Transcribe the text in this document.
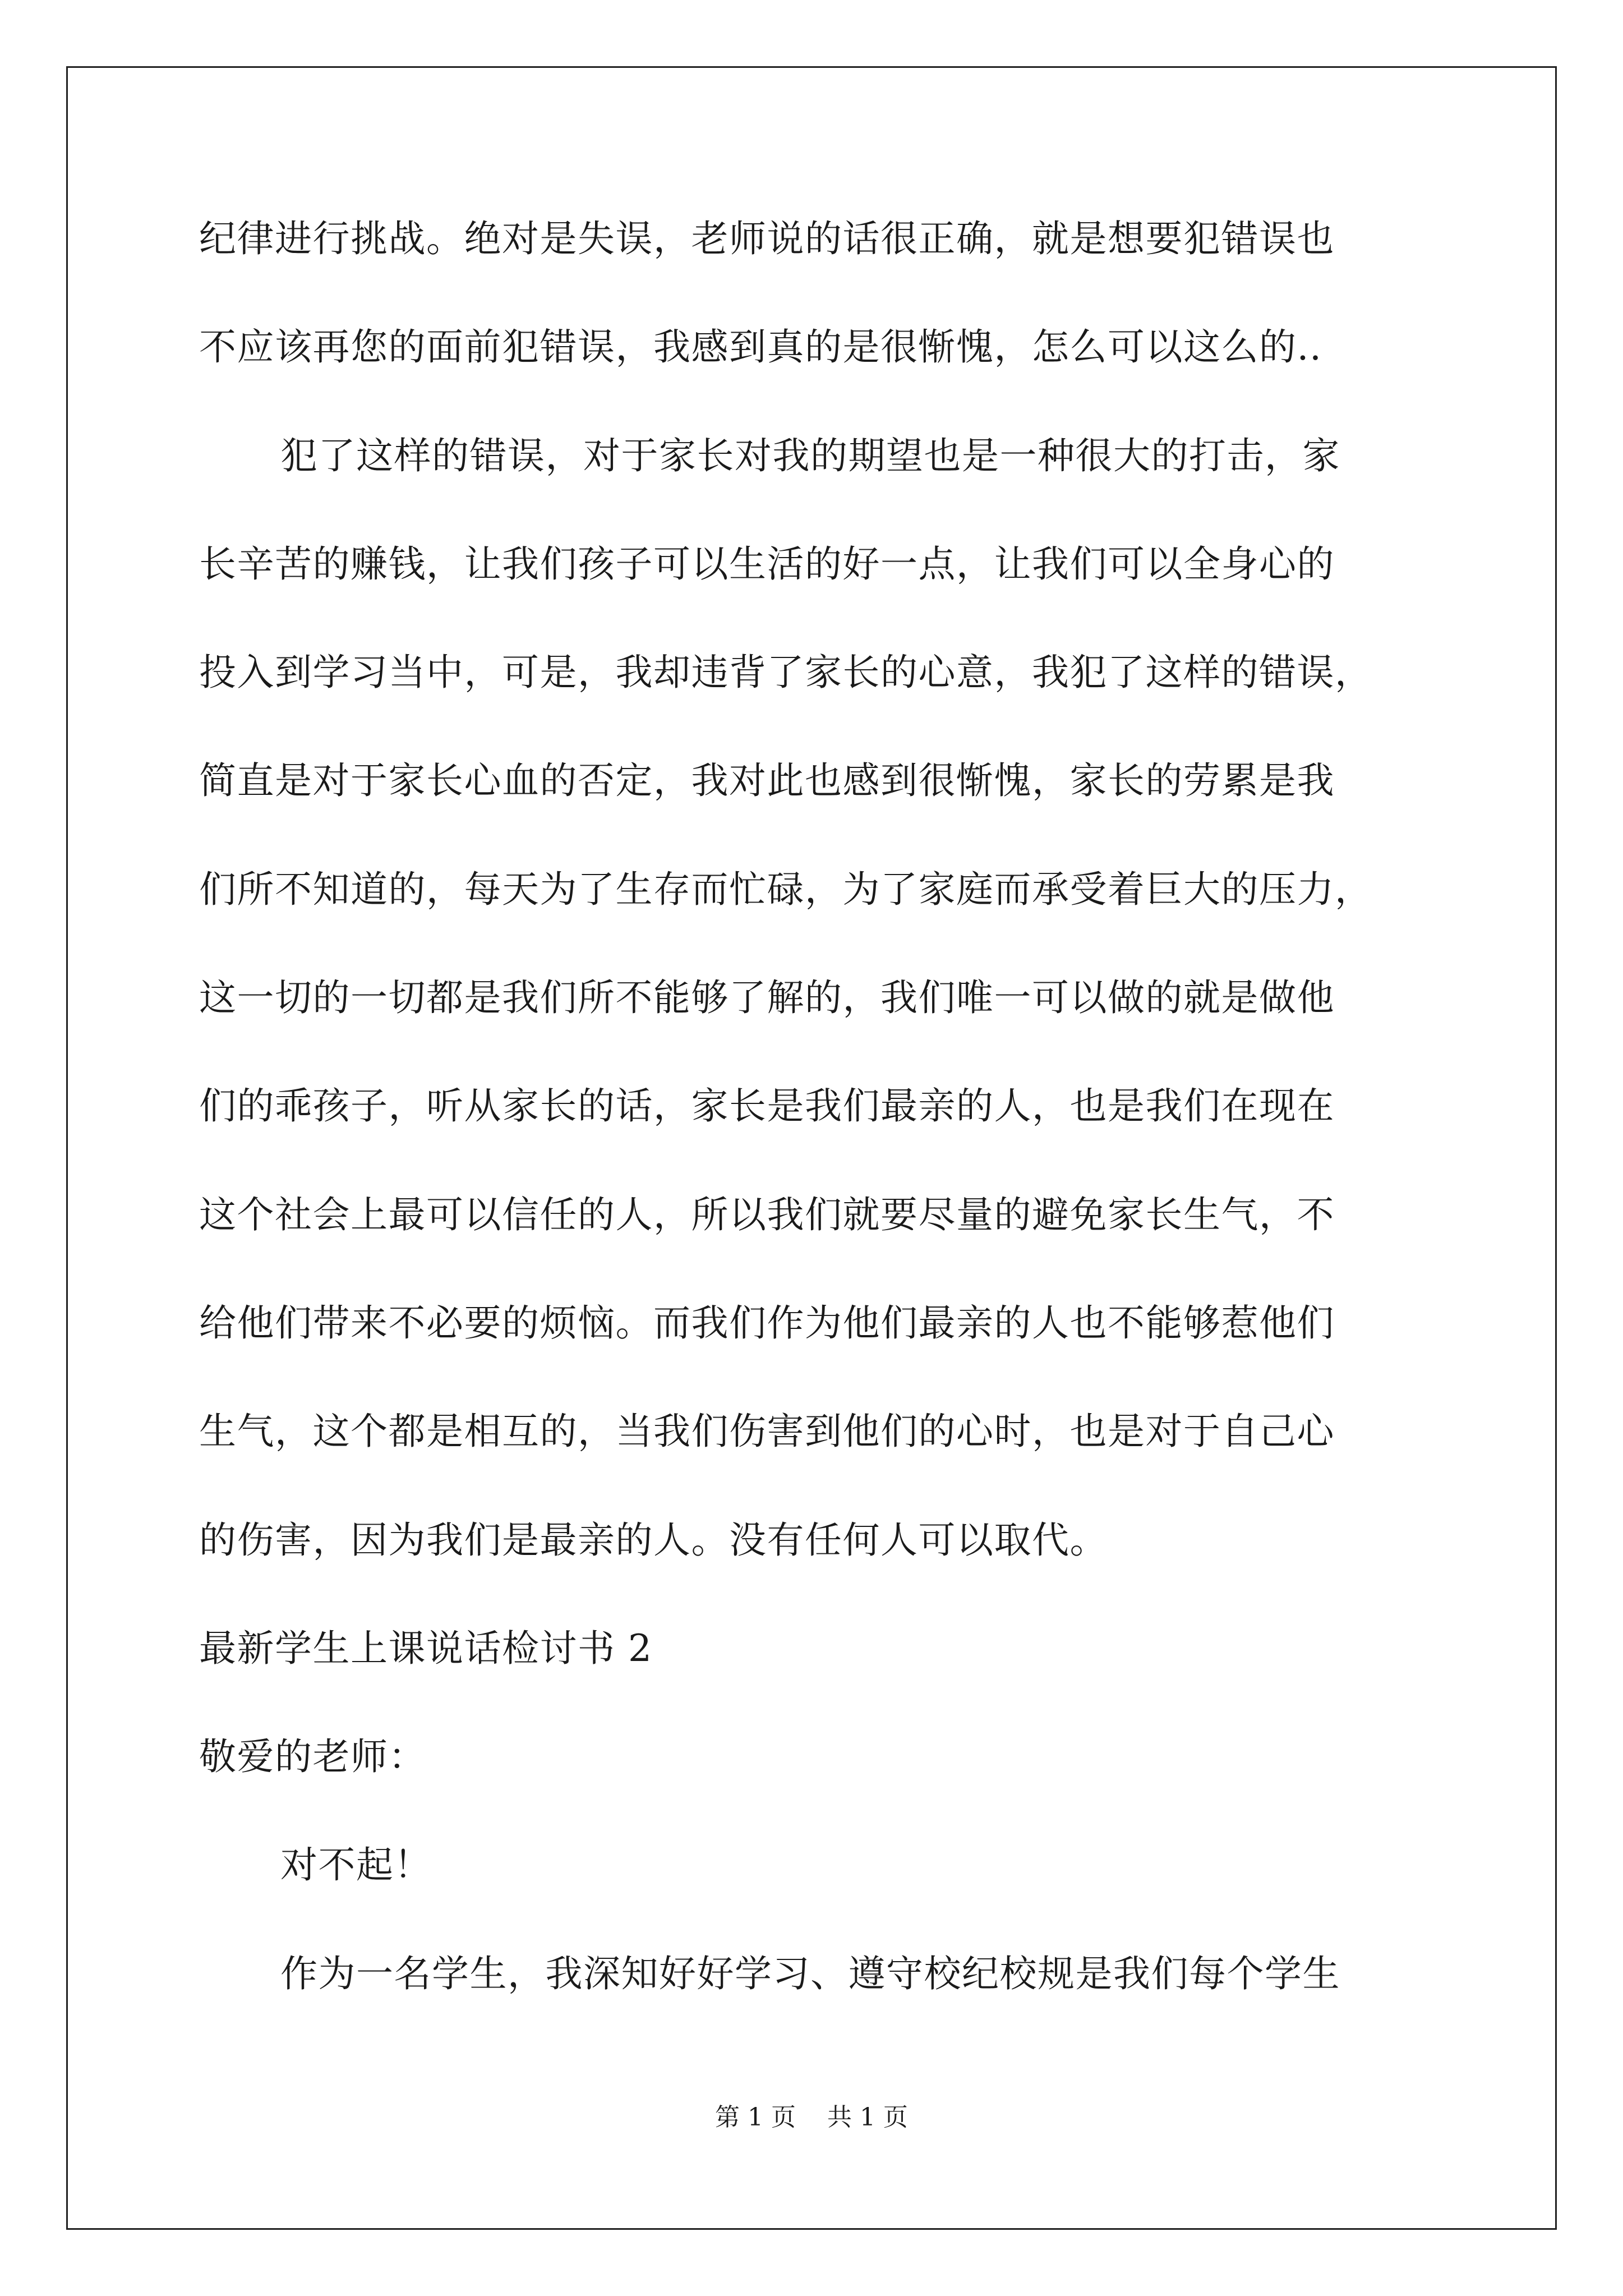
纪律进行挑战。绝对是失误，老师说的话很正确，就是想要犯错误也
不应该再您的面前犯错误，我感到真的是很惭愧，怎么可以这么的..
犯了这样的错误，对于家长对我的期望也是一种很大的打击，家
长辛苦的赚钱，让我们孩子可以生活的好一点，让我们可以全身心的
投入到学习当中，可是，我却违背了家长的心意，我犯了这样的错误，
简直是对于家长心血的否定，我对此也感到很惭愧，家长的劳累是我
们所不知道的，每天为了生存而忙碌，为了家庭而承受着巨大的压力，
这一切的一切都是我们所不能够了解的，我们唯一可以做的就是做他
们的乖孩子，听从家长的话，家长是我们最亲的人，也是我们在现在
这个社会上最可以信任的人，所以我们就要尽量的避免家长生气，不
给他们带来不必要的烦恼。而我们作为他们最亲的人也不能够惹他们
生气，这个都是相互的，当我们伤害到他们的心时，也是对于自己心
的伤害，因为我们是最亲的人。没有任何人可以取代。
最新学生上课说话检讨书 2
敬爱的老师：
对不起！
作为一名学生，我深知好好学习、遵守校纪校规是我们每个学生
第 1 页    共 1 页
